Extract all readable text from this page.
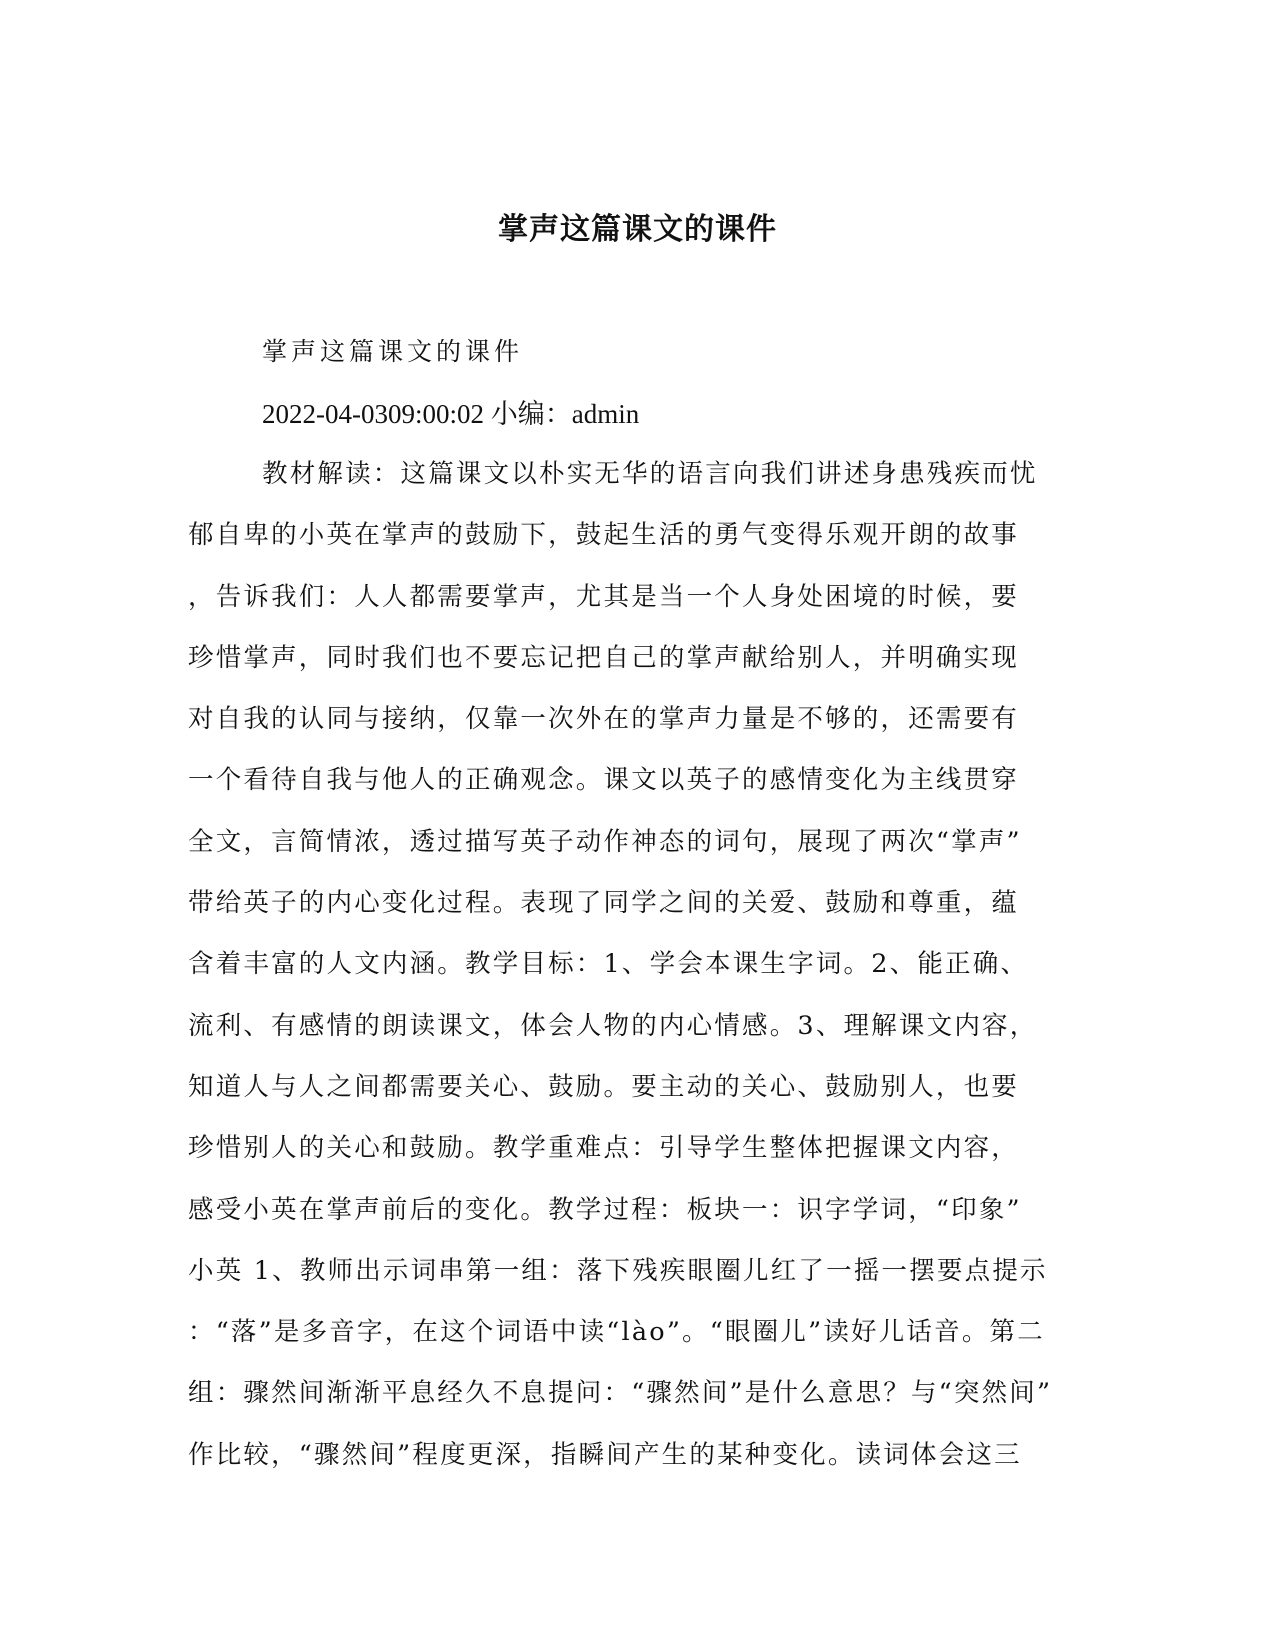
掌声这篇课文的课件
掌声这篇课文的课件
2022-04-0309:00:02 小编：admin
教材解读：这篇课文以朴实无华的语言向我们讲述身患残疾而忧
郁自卑的小英在掌声的鼓励下，鼓起生活的勇气变得乐观开朗的故事
，告诉我们：人人都需要掌声，尤其是当一个人身处困境的时候，要
珍惜掌声，同时我们也不要忘记把自己的掌声献给别人，并明确实现
对自我的认同与接纳，仅靠一次外在的掌声力量是不够的，还需要有
一个看待自我与他人的正确观念。课文以英子的感情变化为主线贯穿
全文，言简情浓，透过描写英子动作神态的词句，展现了两次“掌声”
带给英子的内心变化过程。表现了同学之间的关爱、鼓励和尊重，蕴
含着丰富的人文内涵。教学目标：1、学会本课生字词。2、能正确、
流利、有感情的朗读课文，体会人物的内心情感。3、理解课文内容，
知道人与人之间都需要关心、鼓励。要主动的关心、鼓励别人，也要
珍惜别人的关心和鼓励。教学重难点：引导学生整体把握课文内容，
感受小英在掌声前后的变化。教学过程：板块一：识字学词，“印象”
小英 1、教师出示词串第一组：落下残疾眼圈儿红了一摇一摆要点提示
：“落”是多音字，在这个词语中读“lào”。“眼圈儿”读好儿话音。第二
组：骤然间渐渐平息经久不息提问：“骤然间”是什么意思？与“突然间”
作比较，“骤然间”程度更深，指瞬间产生的某种变化。读词体会这三
